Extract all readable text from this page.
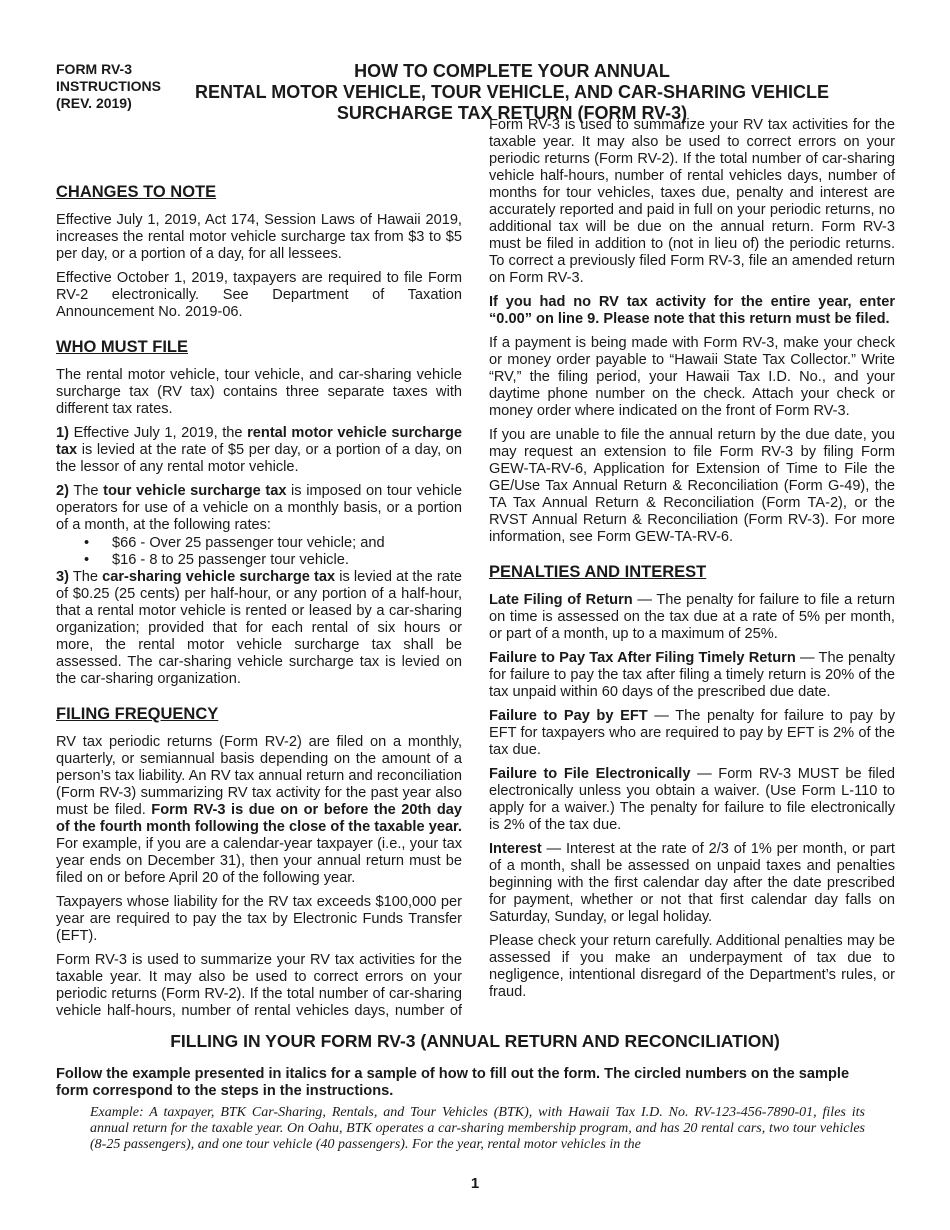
FORM RV-3
INSTRUCTIONS
(REV. 2019)
HOW TO COMPLETE YOUR ANNUAL
RENTAL MOTOR VEHICLE, TOUR VEHICLE, AND CAR-SHARING VEHICLE
SURCHARGE TAX RETURN (FORM RV-3)
CHANGES TO NOTE

Effective July 1, 2019, Act 174, Session Laws of Hawaii 2019, increases the rental motor vehicle surcharge tax from $3 to $5 per day, or a portion of a day, for all lessees.

Effective October 1, 2019, taxpayers are required to file Form RV-2 electronically. See Department of Taxation Announcement No. 2019-06.

WHO MUST FILE

The rental motor vehicle, tour vehicle, and car-sharing vehicle surcharge tax (RV tax) contains three separate taxes with different tax rates.

1) Effective July 1, 2019, the rental motor vehicle surcharge tax is levied at the rate of $5 per day, or a portion of a day, on the lessor of any rental motor vehicle.

2) The tour vehicle surcharge tax is imposed on tour vehicle operators for use of a vehicle on a monthly basis, or a portion of a month, at the following rates:

• $66 - Over 25 passenger tour vehicle; and
• $16 - 8 to 25 passenger tour vehicle.

3) The car-sharing vehicle surcharge tax is levied at the rate of $0.25 (25 cents) per half-hour, or any portion of a half-hour, that a rental motor vehicle is rented or leased by a car-sharing organization; provided that for each rental of six hours or more, the rental motor vehicle surcharge tax shall be assessed. The car-sharing vehicle surcharge tax is levied on the car-sharing organization.

FILING FREQUENCY

RV tax periodic returns (Form RV-2) are filed on a monthly, quarterly, or semiannual basis depending on the amount of a person’s tax liability. An RV tax annual return and reconciliation (Form RV-3) summarizing RV tax activity for the past year also must be filed. Form RV-3 is due on or before the 20th day of the fourth month following the close of the taxable year. For example, if you are a calendar-year taxpayer (i.e., your tax year ends on December 31), then your annual return must be filed on or before April 20 of the following year.

Taxpayers whose liability for the RV tax exceeds $100,000 per year are required to pay the tax by Electronic Funds Transfer (EFT).

Form RV-3 is used to summarize your RV tax activities for the taxable year. It may also be used to correct errors on your periodic returns (Form RV-2). If the total number of car-sharing vehicle half-hours, number of rental vehicles days, number of

Form RV-3 is used to summarize your RV tax activities for the taxable year. It may also be used to correct errors on your periodic returns (Form RV-2). If the total number of car-sharing vehicle half-hours, number of rental vehicles days, number of months for tour vehicles, taxes due, penalty and interest are accurately reported and paid in full on your periodic returns, no additional tax will be due on the annual return. Form RV-3 must be filed in addition to (not in lieu of) the periodic returns. To correct a previously filed Form RV-3, file an amended return on Form RV-3.

If you had no RV tax activity for the entire year, enter “0.00” on line 9. Please note that this return must be filed.

If a payment is being made with Form RV-3, make your check or money order payable to “Hawaii State Tax Collector.” Write “RV,” the filing period, your Hawaii Tax I.D. No., and your daytime phone number on the check. Attach your check or money order where indicated on the front of Form RV-3.

If you are unable to file the annual return by the due date, you may request an extension to file Form RV-3 by filing Form GEW-TA-RV-6, Application for Extension of Time to File the GE/Use Tax Annual Return & Reconciliation (Form G-49), the TA Tax Annual Return & Reconciliation (Form TA-2), or the RVST Annual Return & Reconciliation (Form RV-3). For more information, see Form GEW-TA-RV-6.

PENALTIES AND INTEREST

Late Filing of Return — The penalty for failure to file a return on time is assessed on the tax due at a rate of 5% per month, or part of a month, up to a maximum of 25%.

Failure to Pay Tax After Filing Timely Return — The penalty for failure to pay the tax after filing a timely return is 20% of the tax unpaid within 60 days of the prescribed due date.

Failure to Pay by EFT — The penalty for failure to pay by EFT for taxpayers who are required to pay by EFT is 2% of the tax due.

Failure to File Electronically — Form RV-3 MUST be filed electronically unless you obtain a waiver. (Use Form L-110 to apply for a waiver.) The penalty for failure to file electronically is 2% of the tax due.

Interest — Interest at the rate of 2/3 of 1% per month, or part of a month, shall be assessed on unpaid taxes and penalties beginning with the first calendar day after the date prescribed for payment, whether or not that first calendar day falls on Saturday, Sunday, or legal holiday.

Please check your return carefully. Additional penalties may be assessed if you make an underpayment of tax due to negligence, intentional disregard of the Department’s rules, or fraud.

FILLING IN YOUR FORM RV-3 (ANNUAL RETURN AND RECONCILIATION)
Follow the example presented in italics for a sample of how to fill out the form. The circled numbers on the sample form correspond to the steps in the instructions.
Example: A taxpayer, BTK Car-Sharing, Rentals, and Tour Vehicles (BTK), with Hawaii Tax I.D. No. RV-123-456-7890-01, files its annual return for the taxable year. On Oahu, BTK operates a car-sharing membership program, and has 20 rental cars, two tour vehicles (8-25 passengers), and one tour vehicle (40 passengers). For the year, rental motor vehicles in the
1
